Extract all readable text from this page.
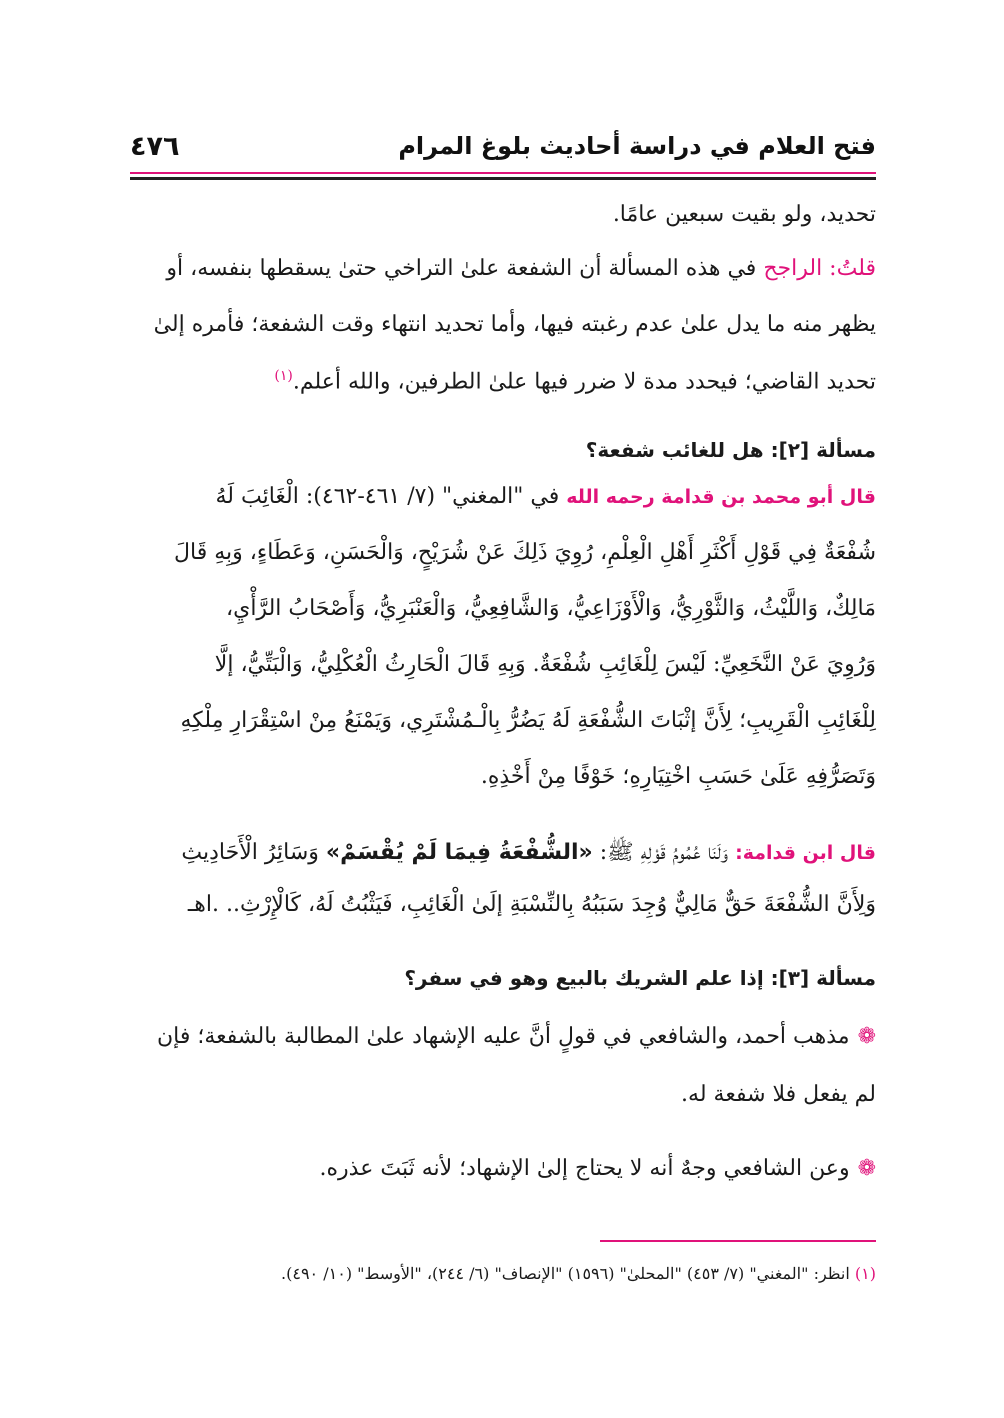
فتح العلام في دراسة أحاديث بلوغ المرام
٤٧٦
تحديد، ولو بقيت سبعين عامًا.
قلتُ: الراجح في هذه المسألة أن الشفعة علىٰ التراخي حتىٰ يسقطها بنفسه، أو
يظهر منه ما يدل علىٰ عدم رغبته فيها، وأما تحديد انتهاء وقت الشفعة؛ فأمره إلىٰ
تحديد القاضي؛ فيحدد مدة لا ضرر فيها علىٰ الطرفين، والله أعلم.$^{(١)}$
مسألة [٢]: هل للغائب شفعة؟
قال أبو محمد بن قدامة رحمه الله في "المغني" (٧/ ٤٦١-٤٦٢): الْغَائِبَ لَهُ
شُفْعَةٌ فِي قَوْلِ أَكْثَرِ أَهْلِ الْعِلْمِ، رُوِيَ ذَلِكَ عَنْ شُرَيْحٍ، وَالْحَسَنِ، وَعَطَاءٍ، وَبِهِ قَالَ
مَالِكٌ، وَاللَّيْثُ، وَالثَّوْرِيُّ، وَالْأَوْزَاعِيُّ، وَالشَّافِعِيُّ، وَالْعَنْبَرِيُّ، وَأَصْحَابُ الرَّأْيِ،
وَرُوِيَ عَنْ النَّخَعِيِّ: لَيْسَ لِلْغَائِبِ شُفْعَةٌ. وَبِهِ قَالَ الْحَارِثُ الْعُكْلِيُّ، وَالْبَتِّيُّ، إلَّا
لِلْغَائِبِ الْقَرِيبِ؛ لِأَنَّ إثْبَاتَ الشُّفْعَةِ لَهُ يَضُرُّ بِالْـمُشْتَرِي، وَيَمْنَعُ مِنْ اسْتِقْرَارِ مِلْكِهِ
وَتَصَرُّفِهِ عَلَىٰ حَسَبِ اخْتِيَارِهِ؛ خَوْفًا مِنْ أَخْذِهِ.
قال ابن قدامة: وَلَنَا عُمُومُ قَوْلِهِ ﷺ: «الشُّفْعَةُ فِيمَا لَمْ يُقْسَمْ» وَسَائِرُ الْأَحَادِيثِ
وَلِأَنَّ الشُّفْعَةَ حَقٌّ مَالِيٌّ وُجِدَ سَبَبُهُ بِالنِّسْبَةِ إلَىٰ الْغَائِبِ، فَيَثْبُتُ لَهُ، كَالْإِرْثِ.. .اهـ
مسألة [٣]: إذا علم الشريك بالبيع وهو في سفر؟
❁مذهب أحمد، والشافعي في قولٍ أنَّ عليه الإشهاد علىٰ المطالبة بالشفعة؛ فإن
لم يفعل فلا شفعة له.
❁وعن الشافعي وجهٌ أنه لا يحتاج إلىٰ الإشهاد؛ لأنه ثَبَتَ عذره.
(١) انظر: "المغني" (٧/ ٤٥٣) "المحلىٰ" (١٥٩٦) "الإنصاف" (٦/ ٢٤٤)، "الأوسط" (١٠/ ٤٩٠).
